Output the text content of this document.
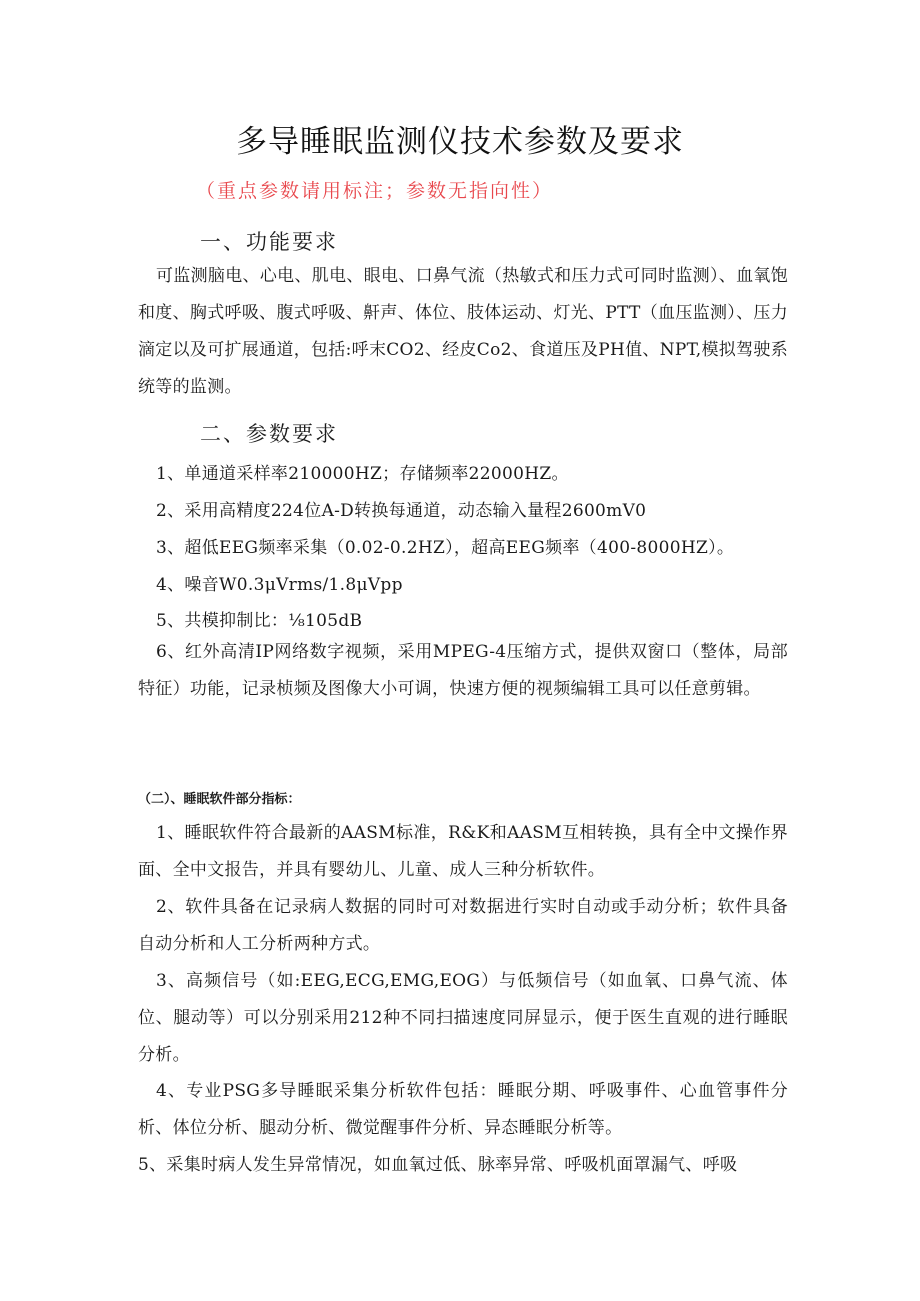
多导睡眠监测仪技术参数及要求

（重点参数请用标注；参数无指向性）

一、功能要求

可监测脑电、心电、肌电、眼电、口鼻气流（热敏式和压力式可同时监测）、血氧饱和度、胸式呼吸、腹式呼吸、鼾声、体位、肢体运动、灯光、PTT（血压监测）、压力滴定以及可扩展通道，包括:呼末CO2、经皮Co2、食道压及PH值、NPT,模拟驾驶系统等的监测。

二、参数要求

1、单通道采样率210000HZ；存储频率22000HZ。

2、采用高精度224位A-D转换每通道，动态输入量程2600mV0

3、超低EEG频率采集（0.02-0.2HZ），超高EEG频率（400-8000HZ）。

4、噪音W0.3μVrms/1.8μVpp

5、共模抑制比：⅛105dB

6、红外高清IP网络数字视频，采用MPEG-4压缩方式，提供双窗口（整体，局部特征）功能，记录桢频及图像大小可调，快速方便的视频编辑工具可以任意剪辑。

（二）、睡眠软件部分指标：

1、睡眠软件符合最新的AASM标准，R&K和AASM互相转换，具有全中文操作界面、全中文报告，并具有婴幼儿、儿童、成人三种分析软件。

2、软件具备在记录病人数据的同时可对数据进行实时自动或手动分析；软件具备自动分析和人工分析两种方式。

3、高频信号（如:EEG,ECG,EMG,EOG）与低频信号（如血氧、口鼻气流、体位、腿动等）可以分别采用212种不同扫描速度同屏显示，便于医生直观的进行睡眠分析。

4、专业PSG多导睡眠采集分析软件包括：睡眠分期、呼吸事件、心血管事件分析、体位分析、腿动分析、微觉醒事件分析、异态睡眠分析等。

5、采集时病人发生异常情况，如血氧过低、脉率异常、呼吸机面罩漏气、呼吸
